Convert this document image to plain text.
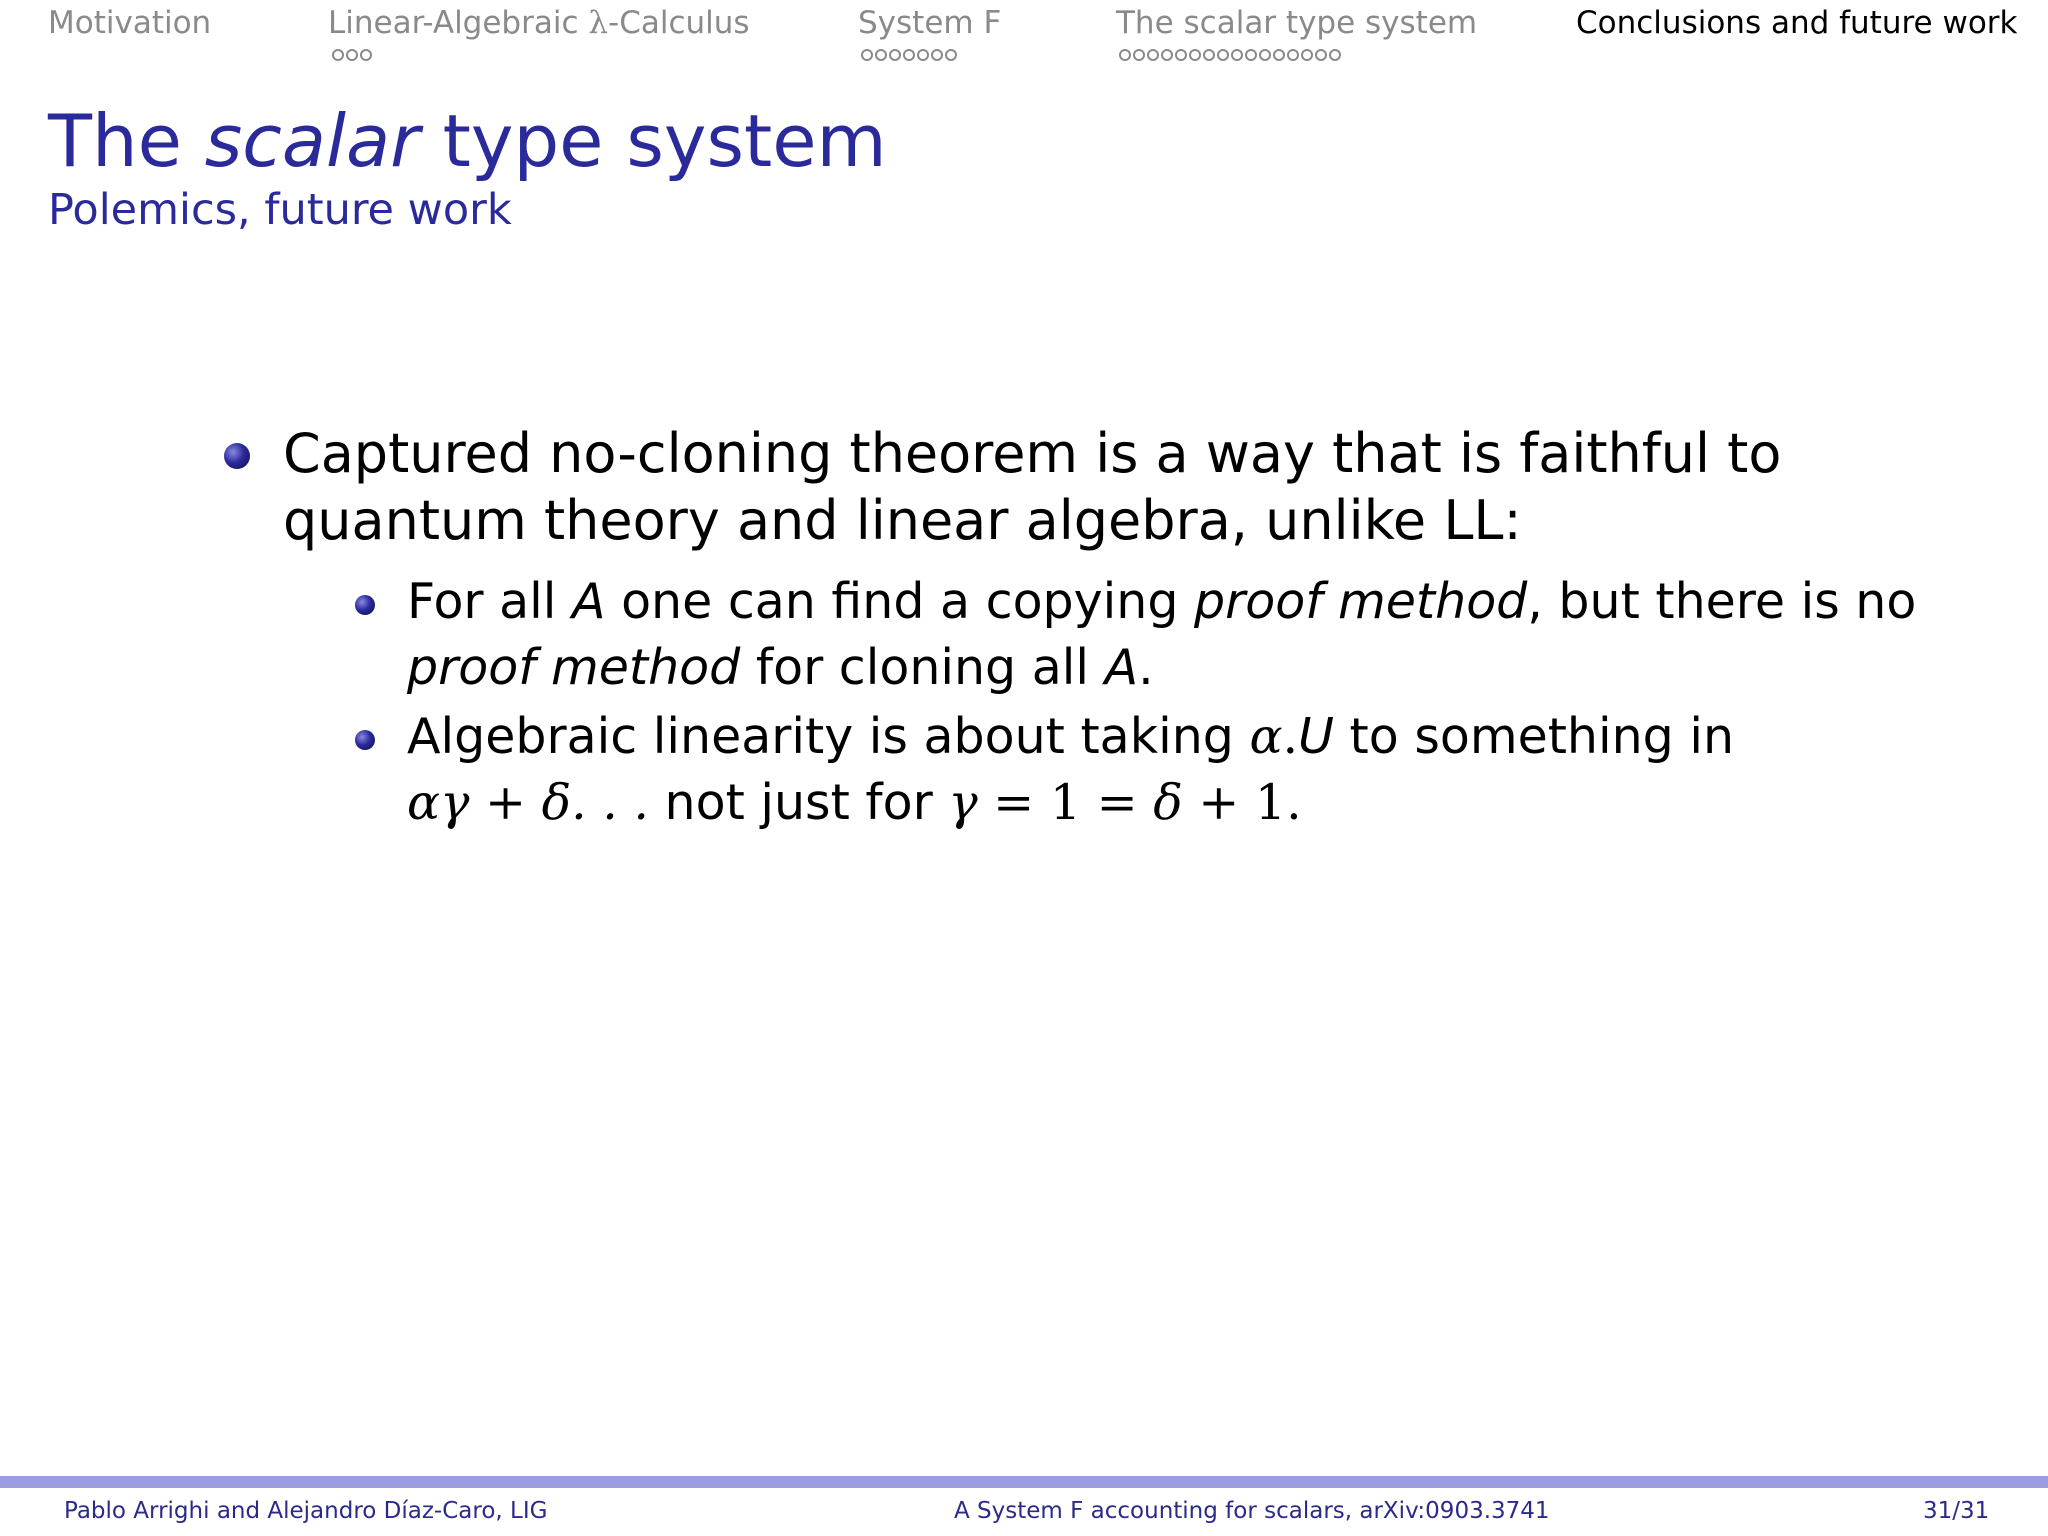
Motivation	Linear-Algebraic λ-Calculus	System F	The scalar type system	Conclusions and future work
The scalar type system
Polemics, future work
Captured no-cloning theorem is a way that is faithful to
quantum theory and linear algebra, unlike LL:
For all A one can find a copying proof method, but there is no
proof method for cloning all A.
Algebraic linearity is about taking α.U to something in
αγ + δ. . . not just for γ = 1 = δ + 1.
Pablo Arrighi and Alejandro Díaz-Caro, LIG	A System F accounting for scalars, arXiv:0903.3741	31/31
